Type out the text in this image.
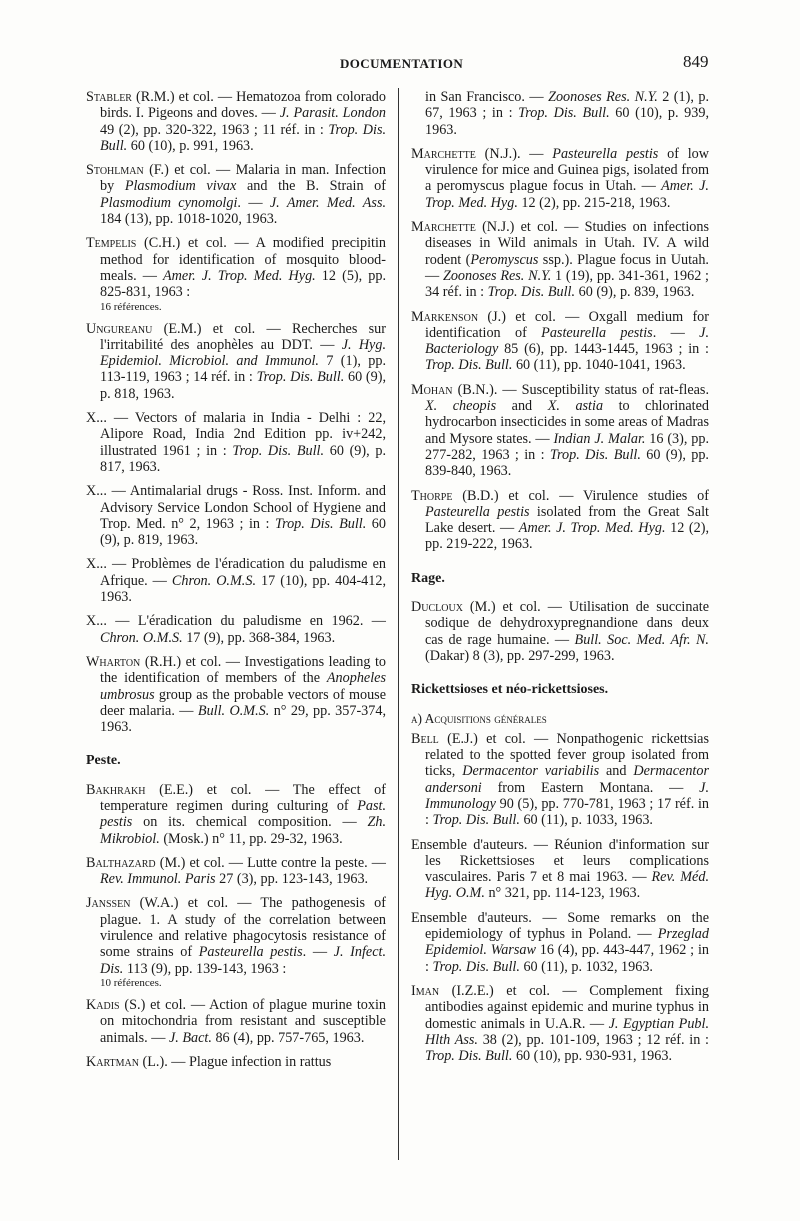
DOCUMENTATION	849

Stabler (R.M.) et col. — Hematozoa from colorado birds. I. Pigeons and doves. — J. Parasit. London 49 (2), pp. 320-322, 1963 ; 11 réf. in : Trop. Dis. Bull. 60 (10), p. 991, 1963.

Stohlman (F.) et col. — Malaria in man. Infection by Plasmodium vivax and the B. Strain of Plasmodium cynomolgi. — J. Amer. Med. Ass. 184 (13), pp. 1018-1020, 1963.

Tempelis (C.H.) et col. — A modified precipitin method for identification of mosquito blood-meals. — Amer. J. Trop. Med. Hyg. 12 (5), pp. 825-831, 1963 :
16 références.

Ungureanu (E.M.) et col. — Recherches sur l'irritabilité des anophèles au DDT. — J. Hyg. Epidemiol. Microbiol. and Immunol. 7 (1), pp. 113-119, 1963 ; 14 réf. in : Trop. Dis. Bull. 60 (9), p. 818, 1963.

X... — Vectors of malaria in India - Delhi : 22, Alipore Road, India 2nd Edition pp. iv+242, illustrated 1961 ; in : Trop. Dis. Bull. 60 (9), p. 817, 1963.

X... — Antimalarial drugs - Ross. Inst. Inform. and Advisory Service London School of Hygiene and Trop. Med. n° 2, 1963 ; in : Trop. Dis. Bull. 60 (9), p. 819, 1963.

X... — Problèmes de l'éradication du paludisme en Afrique. — Chron. O.M.S. 17 (10), pp. 404-412, 1963.

X... — L'éradication du paludisme en 1962. — Chron. O.M.S. 17 (9), pp. 368-384, 1963.

Wharton (R.H.) et col. — Investigations leading to the identification of members of the Anopheles umbrosus group as the probable vectors of mouse deer malaria. — Bull. O.M.S. n° 29, pp. 357-374, 1963.

Peste.

Bakhrakh (E.E.) et col. — The effect of temperature regimen during culturing of Past. pestis on its. chemical composition. — Zh. Mikrobiol. (Mosk.) n° 11, pp. 29-32, 1963.

Balthazard (M.) et col. — Lutte contre la peste. — Rev. Immunol. Paris 27 (3), pp. 123-143, 1963.

Janssen (W.A.) et col. — The pathogenesis of plague. 1. A study of the correlation between virulence and relative phagocytosis resistance of some strains of Pasteurella pestis. — J. Infect. Dis. 113 (9), pp. 139-143, 1963 :
10 références.

Kadis (S.) et col. — Action of plague murine toxin on mitochondria from resistant and susceptible animals. — J. Bact. 86 (4), pp. 757-765, 1963.

Kartman (L.). — Plague infection in rattus

in San Francisco. — Zoonoses Res. N.Y. 2 (1), p. 67, 1963 ; in : Trop. Dis. Bull. 60 (10), p. 939, 1963.

Marchette (N.J.). — Pasteurella pestis of low virulence for mice and Guinea pigs, isolated from a peromyscus plague focus in Utah. — Amer. J. Trop. Med. Hyg. 12 (2), pp. 215-218, 1963.

Marchette (N.J.) et col. — Studies on infections diseases in Wild animals in Utah. IV. A wild rodent (Peromyscus ssp.). Plague focus in Uutah. — Zoonoses Res. N.Y. 1 (19), pp. 341-361, 1962 ; 34 réf. in : Trop. Dis. Bull. 60 (9), p. 839, 1963.

Markenson (J.) et col. — Oxgall medium for identification of Pasteurella pestis. — J. Bacteriology 85 (6), pp. 1443-1445, 1963 ; in : Trop. Dis. Bull. 60 (11), pp. 1040-1041, 1963.

Mohan (B.N.). — Susceptibility status of rat-fleas. X. cheopis and X. astia to chlorinated hydrocarbon insecticides in some areas of Madras and Mysore states. — Indian J. Malar. 16 (3), pp. 277-282, 1963 ; in : Trop. Dis. Bull. 60 (9), pp. 839-840, 1963.

Thorpe (B.D.) et col. — Virulence studies of Pasteurella pestis isolated from the Great Salt Lake desert. — Amer. J. Trop. Med. Hyg. 12 (2), pp. 219-222, 1963.

Rage.

Ducloux (M.) et col. — Utilisation de succinate sodique de dehydroxypregnandione dans deux cas de rage humaine. — Bull. Soc. Med. Afr. N. (Dakar) 8 (3), pp. 297-299, 1963.

Rickettsioses et néo-rickettsioses.
a) Acquisitions générales

Bell (E.J.) et col. — Nonpathogenic rickettsias related to the spotted fever group isolated from ticks, Dermacentor variabilis and Dermacentor andersoni from Eastern Montana. — J. Immunology 90 (5), pp. 770-781, 1963 ; 17 réf. in : Trop. Dis. Bull. 60 (11), p. 1033, 1963.

Ensemble d'auteurs. — Réunion d'information sur les Rickettsioses et leurs complications vasculaires. Paris 7 et 8 mai 1963. — Rev. Méd. Hyg. O.M. n° 321, pp. 114-123, 1963.

Ensemble d'auteurs. — Some remarks on the epidemiology of typhus in Poland. — Przeglad Epidemiol. Warsaw 16 (4), pp. 443-447, 1962 ; in : Trop. Dis. Bull. 60 (11), p. 1032, 1963.

Iman (I.Z.E.) et col. — Complement fixing antibodies against epidemic and murine typhus in domestic animals in U.A.R. — J. Egyptian Publ. Hlth Ass. 38 (2), pp. 101-109, 1963 ; 12 réf. in : Trop. Dis. Bull. 60 (10), pp. 930-931, 1963.
